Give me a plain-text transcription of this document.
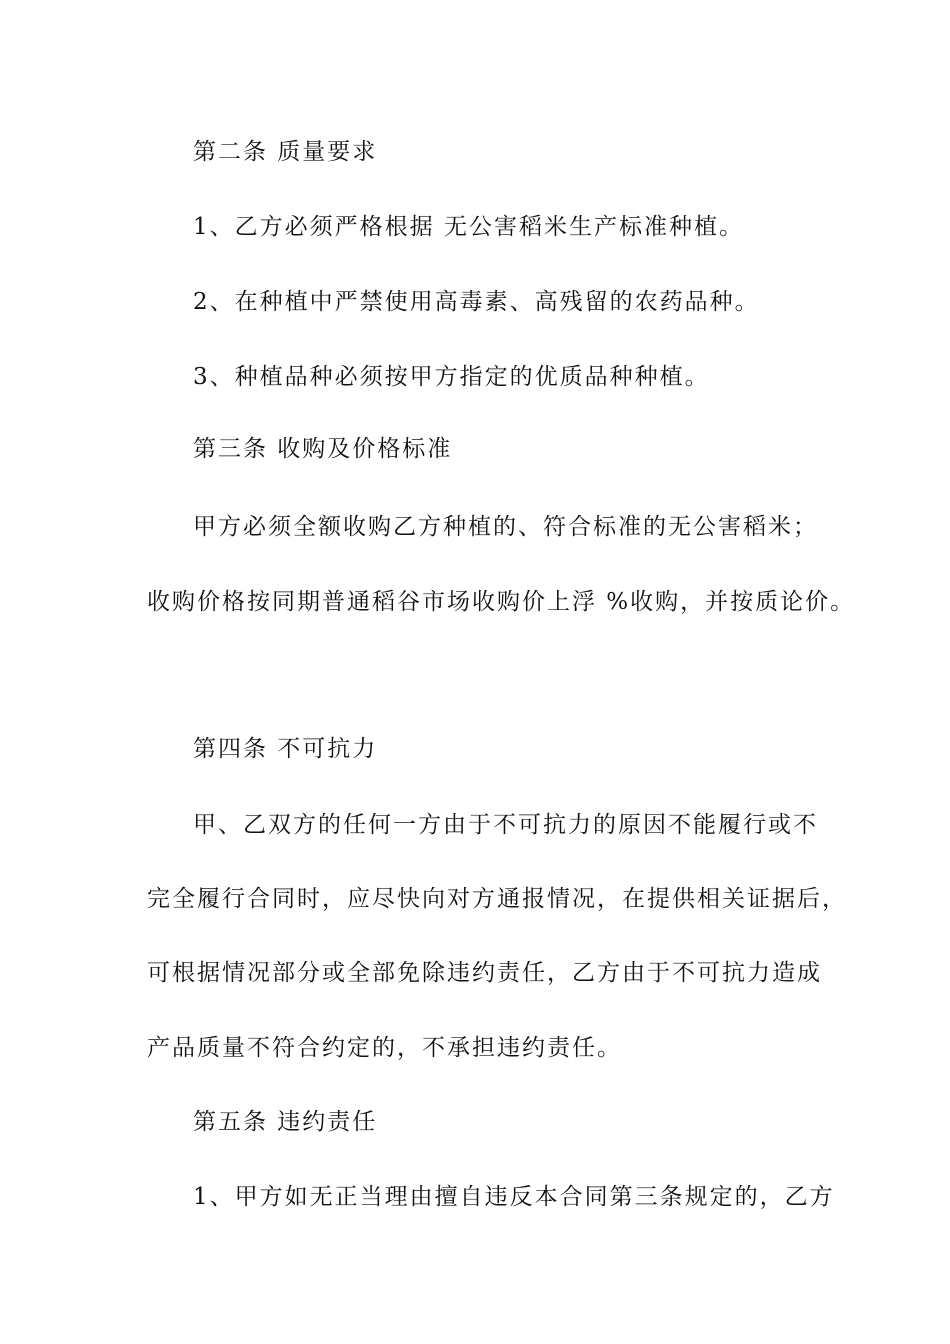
第二条 质量要求
1、乙方必须严格根据 无公害稻米生产标准种植。
2、在种植中严禁使用高毒素、高残留的农药品种。
3、种植品种必须按甲方指定的优质品种种植。
第三条 收购及价格标准
甲方必须全额收购乙方种植的、符合标准的无公害稻米；
收购价格按同期普通稻谷市场收购价上浮 %收购，并按质论价。
第四条 不可抗力
甲、乙双方的任何一方由于不可抗力的原因不能履行或不
完全履行合同时，应尽快向对方通报情况，在提供相关证据后，
可根据情况部分或全部免除违约责任，乙方由于不可抗力造成
产品质量不符合约定的，不承担违约责任。
第五条 违约责任
1、甲方如无正当理由擅自违反本合同第三条规定的，乙方
